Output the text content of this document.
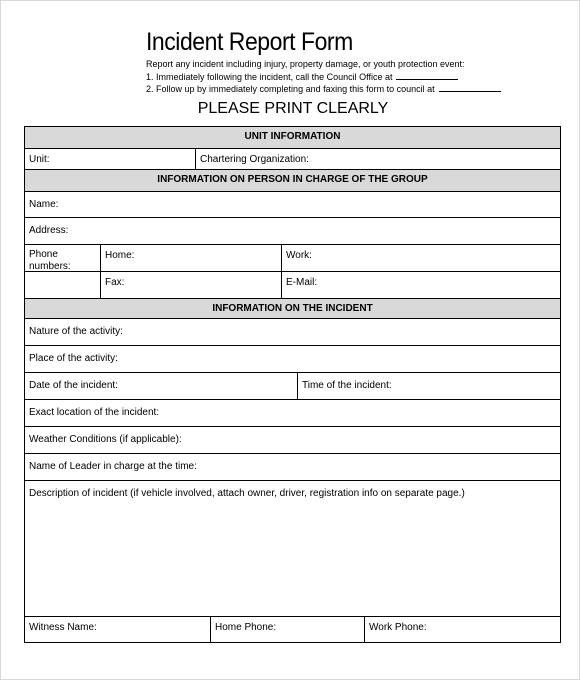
Incident Report Form
Report any incident including injury, property damage, or youth protection event:
1. Immediately following the incident, call the Council Office at
2. Follow up by immediately completing and faxing this form to council at
PLEASE PRINT CLEARLY
UNIT INFORMATION
Unit:	Chartering Organization:
INFORMATION ON PERSON IN CHARGE OF THE GROUP
Name:
Address:
Phone
numbers:
Home:	Work:
Fax:	E-Mail:
INFORMATION ON THE INCIDENT
Nature of the activity:
Place of the activity:
Date of the incident:	Time of the incident:
Exact location of the incident:
Weather Conditions (if applicable):
Name of Leader in charge at the time:
Description of incident (if vehicle involved, attach owner, driver, registration info on separate page.)
Witness Name:	Home Phone:	Work Phone:
